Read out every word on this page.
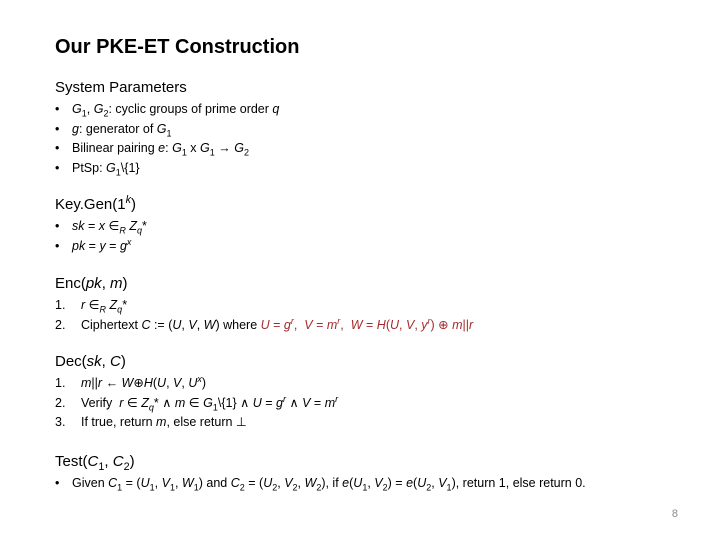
Our PKE-ET Construction
System Parameters
• $G_1$, $G_2$: cyclic groups of prime order q
• g: generator of $G_1$
• Bilinear pairing e: $G_1$ x $G_1 \to G_2$
• PtSp: $G_1\backslash\{1\}$
Key.Gen(1$^k$)
• sk = x $\in_R$ $Z_q*$
• pk = $y = g^x$
Enc(pk, m)
1. r $\in_R$ $Z_q*$
2. Ciphertext C := (U, V, W) where $U = g^r$,  $V = m^r$,  W = H(U, V, $y^r$) ⊕ m||r
Dec(sk, C)
1. m||r ← W⊕H(U, V, $U^x$)
2. Verify  r ∈ $Z_q*$ ∧ m ∈ $G_1\backslash\{1\}$ ∧ $U = g^r$ ∧ $V = m^r$
3. If true, return m, else return ⊥
$Test(C_1$, $C_2$)
• Given $C_1 = (U_1$, $V_1$, $W_1$) and $C_2 = (U_2$, $V_2$, $W_2$), if $e(U_1$, $V_2) = e(U_2$, $V_1$), return 1, else return 0.
8
